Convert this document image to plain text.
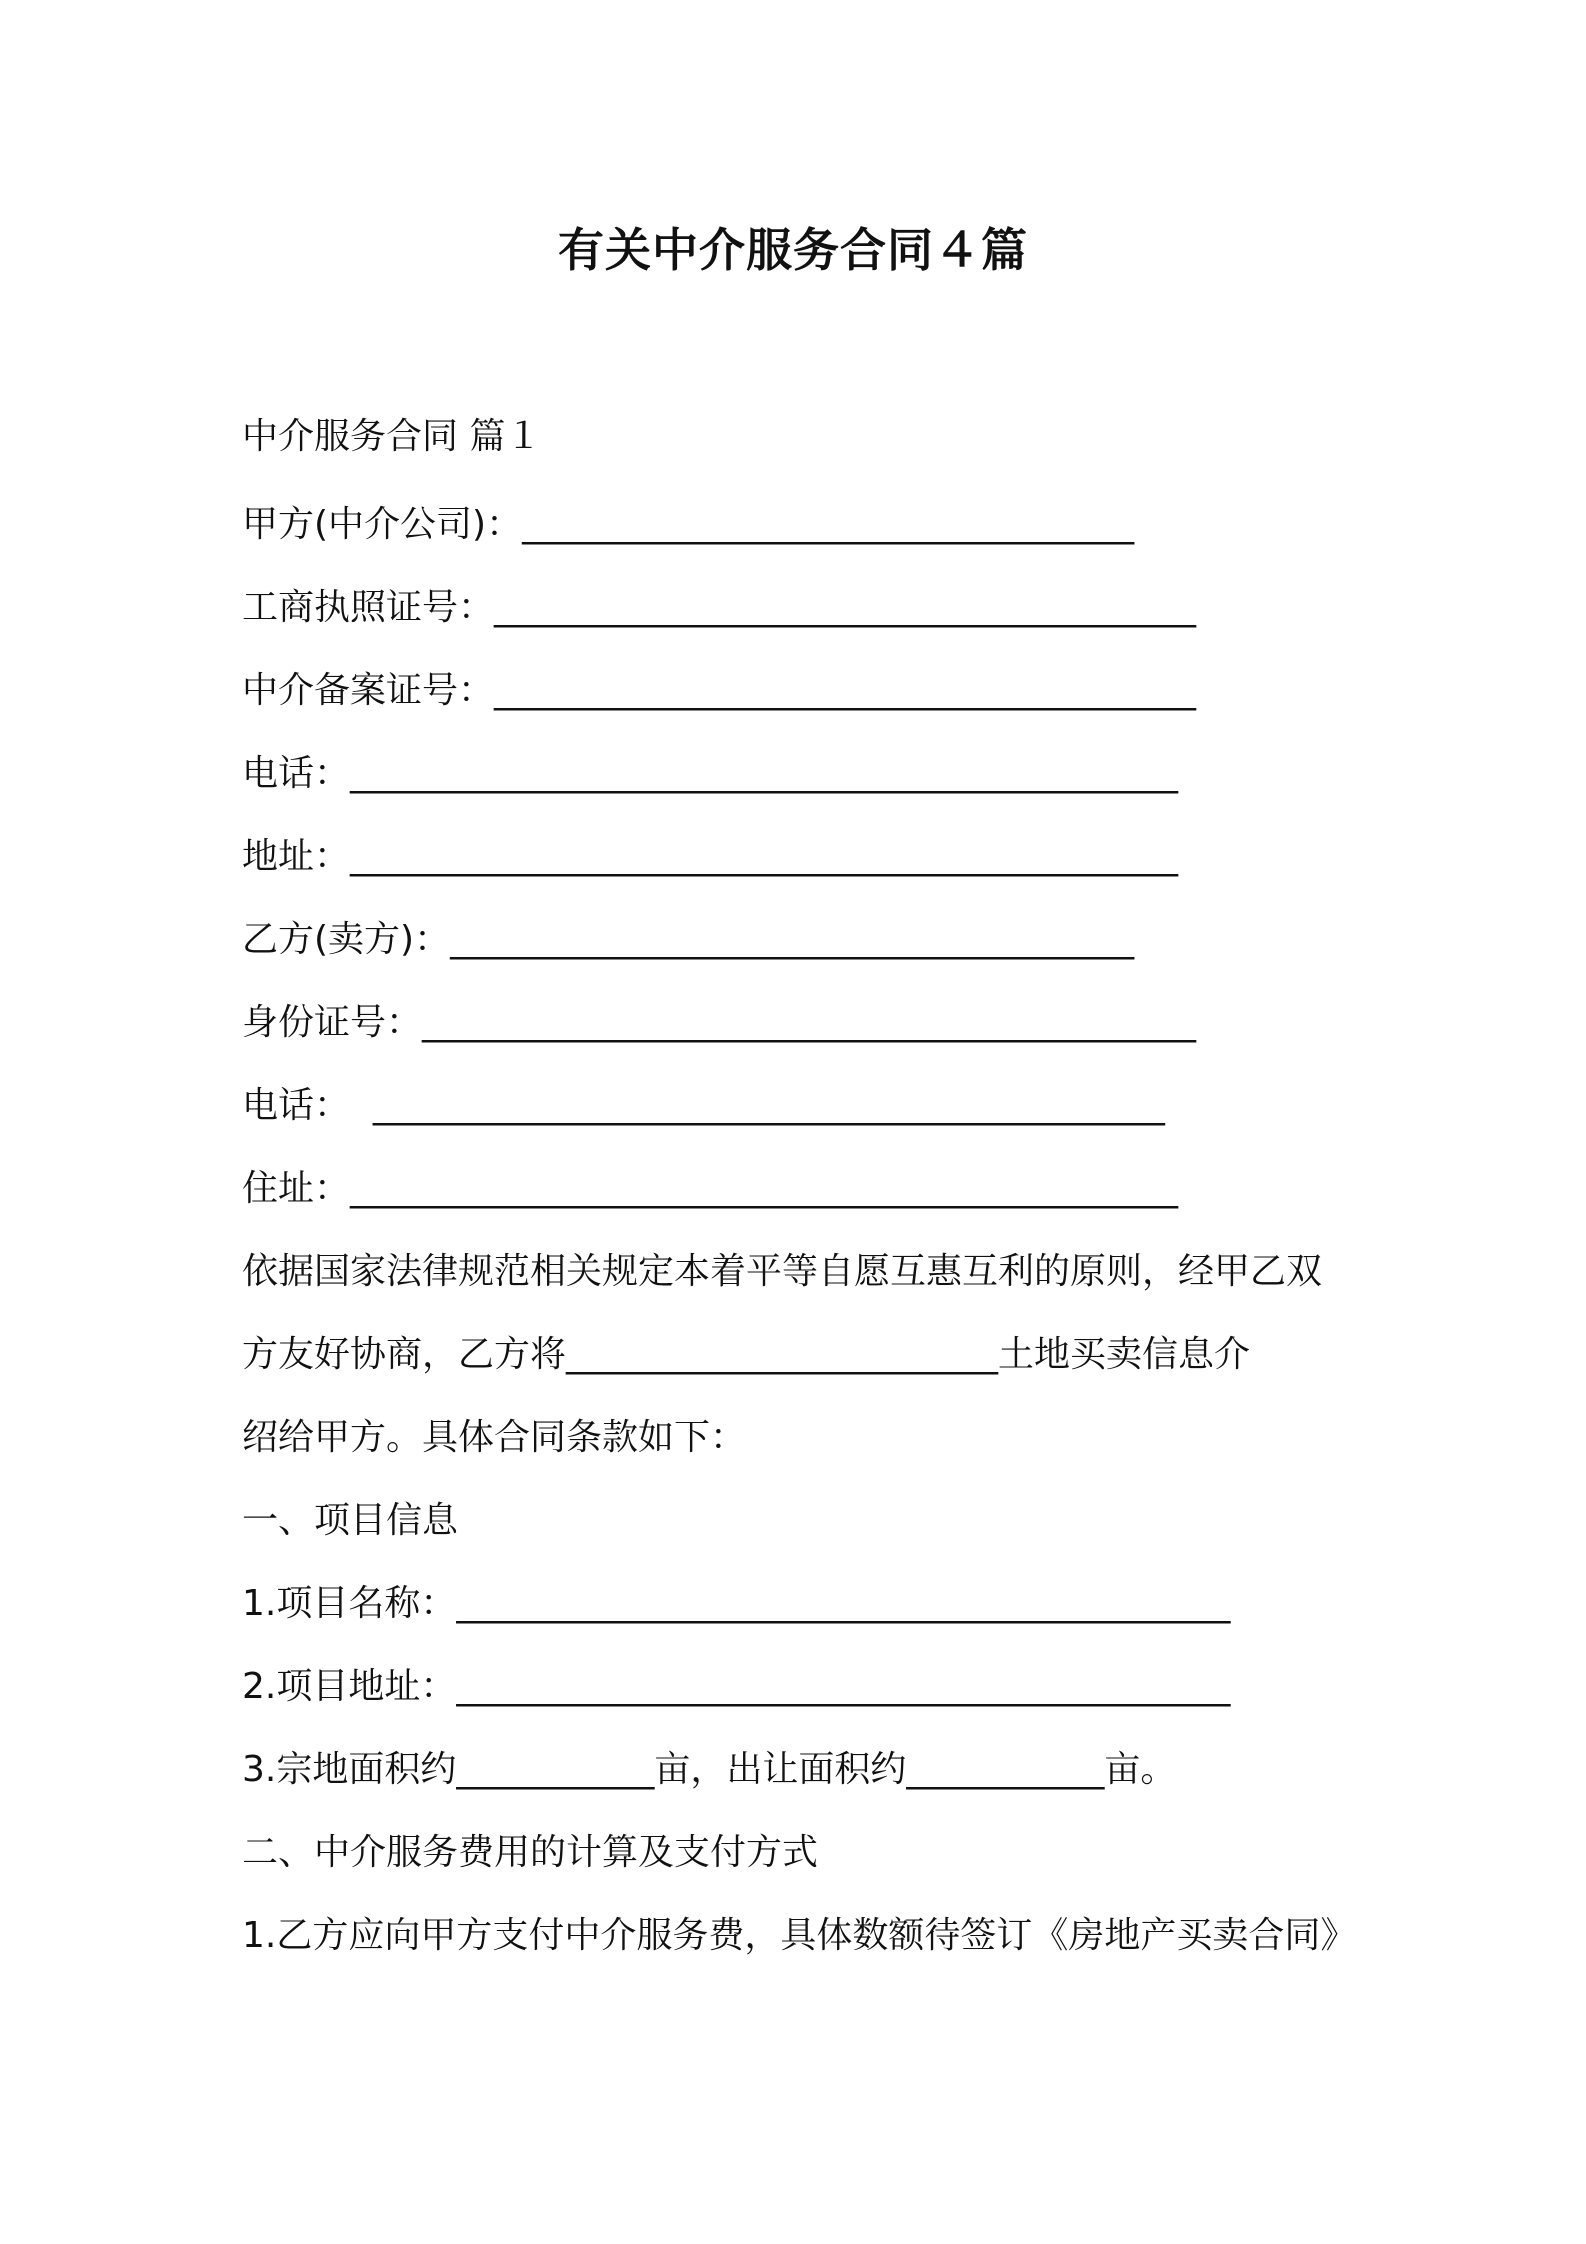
有关中介服务合同４篇
中介服务合同 篇１
甲方(中介公司)：__________________________________
工商执照证号：_______________________________________
中介备案证号：_______________________________________
电话：______________________________________________
地址：______________________________________________
乙方(卖方)：______________________________________
身份证号：___________________________________________
电话：  ____________________________________________
住址：______________________________________________
依据国家法律规范相关规定本着平等自愿互惠互利的原则，经甲乙双
方友好协商，乙方将________________________土地买卖信息介
绍给甲方。具体合同条款如下：
一、项目信息
1.项目名称：___________________________________________
2.项目地址：___________________________________________
3.宗地面积约___________亩，出让面积约___________亩。
二、中介服务费用的计算及支付方式
1.乙方应向甲方支付中介服务费，具体数额待签订《房地产买卖合同》
